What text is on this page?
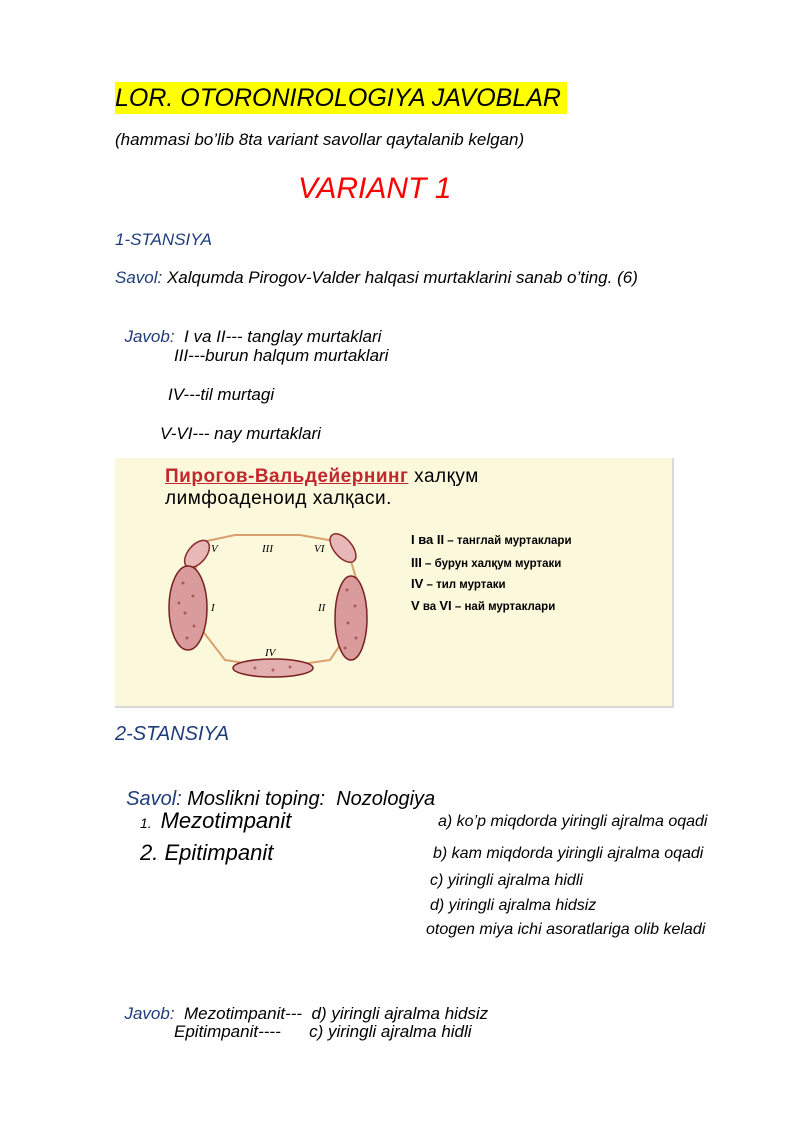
LOR. OTORONIROLOGIYA JAVOBLAR
(hammasi bo’lib 8ta variant savollar qaytalanib kelgan)
VARIANT 1
1-STANSIYA
Savol: Xalqumda Pirogov-Valder halqasi murtaklarini sanab o’ting. (6)

Javob:  I va II--- tanglay murtaklari

III---burun halqum murtaklari
IV---til murtagi
V-VI--- nay murtaklari
V	III	VI
I	II
IV
Пирогов-Вальдейернинг халқум
лимфоаденоид халқаси.
I ва II – танглай муртаклари
III – бурун халқум муртаки
IV – тил муртаки
V ва VI – най муртаклари
2-STANSIYA

Savol: Moslikni toping:  Nozologiya

1. Mezotimpanit
2. Epitimpanit
a) ko’p miqdorda yiringli ajralma oqadi
b) kam miqdorda yiringli ajralma oqadi
c) yiringli ajralma hidli
d) yiringli ajralma hidsiz
otogen miya ichi asoratlariga olib keladi

Javob:  Mezotimpanit---  d) yiringli ajralma hidsiz

Epitimpanit----      c) yiringli ajralma hidli
